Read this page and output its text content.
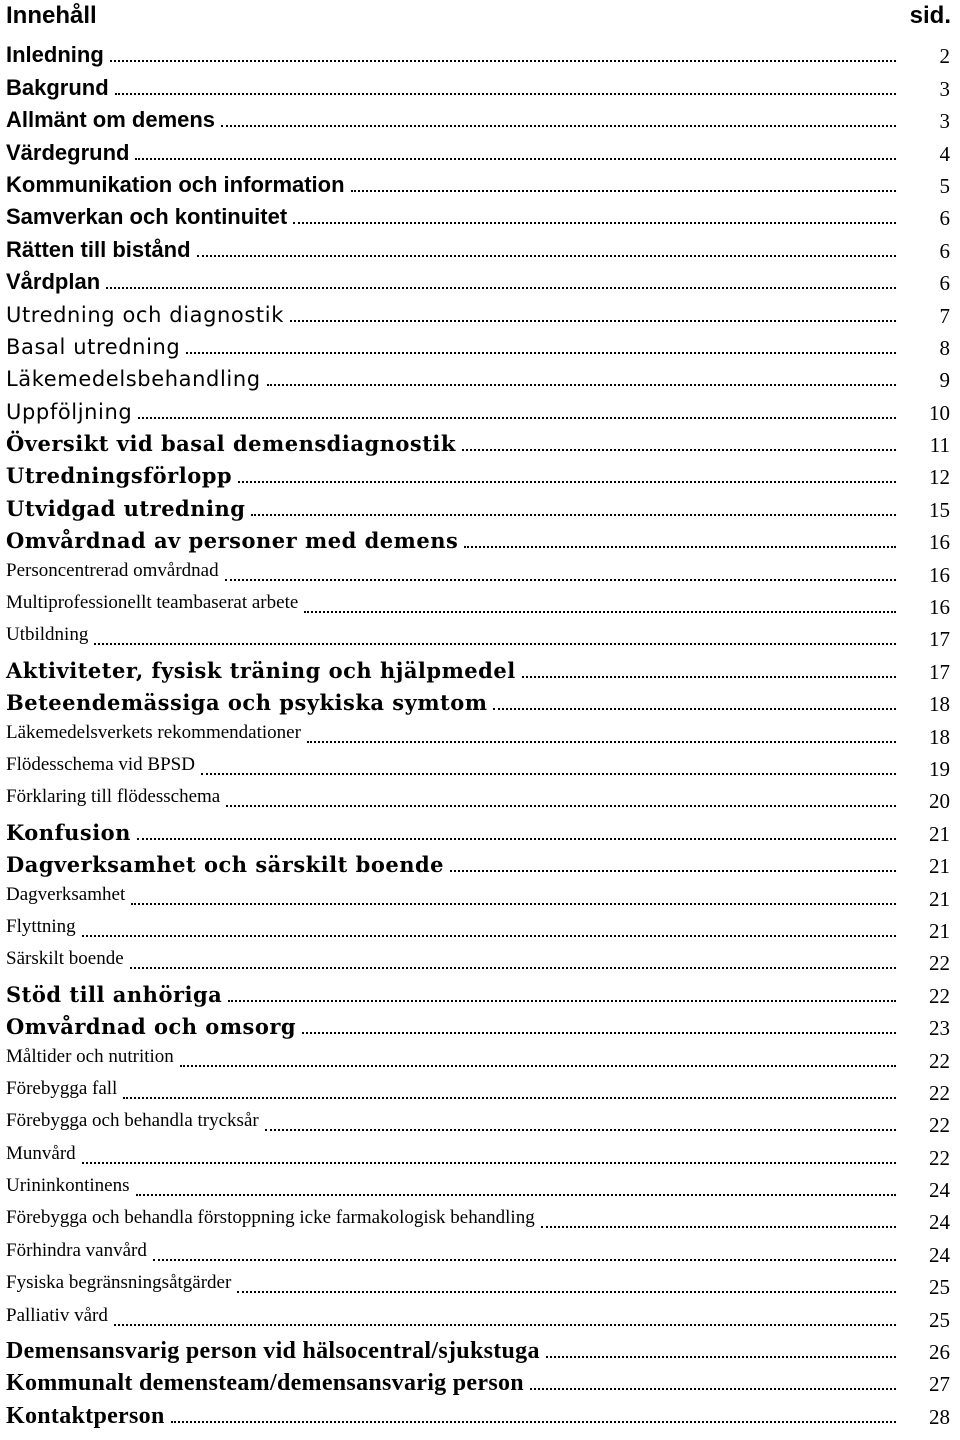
Innehåll	sid.
Inledning	2
Bakgrund	3
Allmänt om demens	3
Värdegrund	4
Kommunikation och information	5
Samverkan och kontinuitet	6
Rätten till bistånd	6
Vårdplan	6
Utredning och diagnostik	7
Basal utredning	8
Läkemedelsbehandling	9
Uppföljning	10
Översikt vid basal demensdiagnostik	11
Utredningsförlopp	12
Utvidgad utredning	15
Omvårdnad av personer med demens	16
Personcentrerad omvårdnad	16
Multiprofessionellt teambaserat arbete	16
Utbildning	17
Aktiviteter, fysisk träning och hjälpmedel	17
Beteendemässiga och psykiska symtom	18
Läkemedelsverkets rekommendationer	18
Flödesschema vid BPSD	19
Förklaring till flödesschema	20
Konfusion	21
Dagverksamhet och särskilt boende	21
Dagverksamhet	21
Flyttning	21
Särskilt boende	22
Stöd till anhöriga	22
Omvårdnad och omsorg	23
Måltider och nutrition	22
Förebygga fall	22
Förebygga och behandla trycksår	22
Munvård	22
Urininkontinens	24
Förebygga och behandla förstoppning icke farmakologisk behandling	24
Förhindra vanvård	24
Fysiska begränsningsåtgärder	25
Palliativ vård	25
Demensansvarig person vid hälsocentral/sjukstuga	26
Kommunalt demensteam/demensansvarig person	27
Kontaktperson	28
